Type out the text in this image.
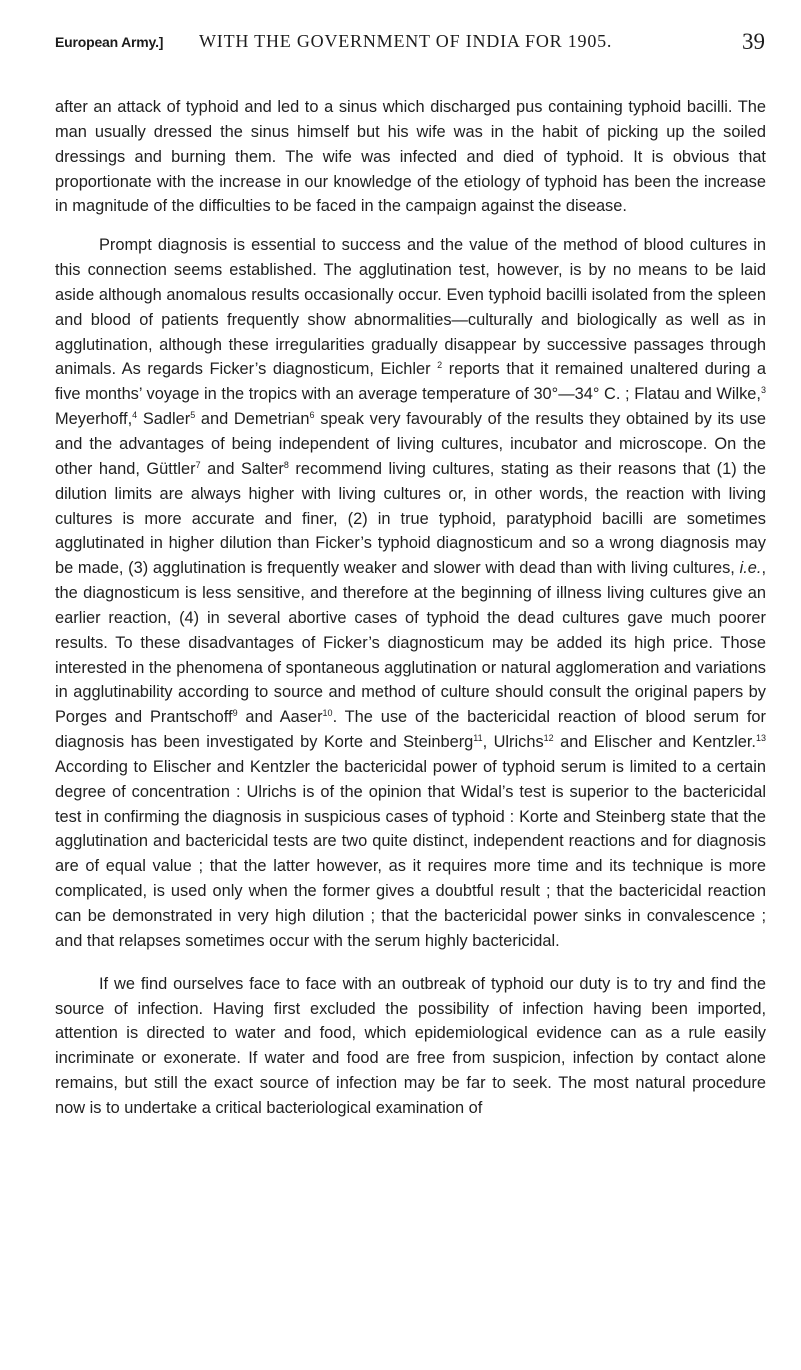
European Army.] WITH THE GOVERNMENT OF INDIA FOR 1905.	39

after an attack of typhoid and led to a sinus which discharged pus containing typhoid bacilli. The man usually dressed the sinus himself but his wife was in the habit of picking up the soiled dressings and burning them. The wife was infected and died of typhoid. It is obvious that proportionate with the increase in our knowledge of the etiology of typhoid has been the increase in magnitude of the difficulties to be faced in the campaign against the disease.

Prompt diagnosis is essential to success and the value of the method of blood cultures in this connection seems established. The agglutination test, however, is by no means to be laid aside although anomalous results occasionally occur. Even typhoid bacilli isolated from the spleen and blood of patients frequently show abnormalities—culturally and biologically as well as in agglutination, although these irregularities gradually disappear by successive passages through animals. As regards Ficker’s diagnosticum, Eichler $^2$ reports that it remained unaltered during a five months’ voyage in the tropics with an average temperature of 30°—34° C. ; Flatau and Wilke,$^3$ Meyerhoff,$^4$ Sadler$^5$ and Demetrian$^6$ speak very favourably of the results they obtained by its use and the advantages of being independent of living cultures, incubator and microscope. On the other hand, Güttler$^7$ and Salter$^8$ recommend living cultures, stating as their reasons that (1) the dilution limits are always higher with living cultures or, in other words, the reaction with living cultures is more accurate and finer, (2) in true typhoid, paratyphoid bacilli are sometimes agglutinated in higher dilution than Ficker’s typhoid diagnosticum and so a wrong diagnosis may be made, (3) agglutination is frequently weaker and slower with dead than with living cultures, i.e., the diagnosticum is less sensitive, and therefore at the beginning of illness living cultures give an earlier reaction, (4) in several abortive cases of typhoid the dead cultures gave much poorer results. To these disadvantages of Ficker’s diagnosticum may be added its high price. Those interested in the phenomena of spontaneous agglutination or natural agglomeration and variations in agglutinability according to source and method of culture should consult the original papers by Porges and Prantschoff$^9$ and Aaser$^{10}$. The use of the bactericidal reaction of blood serum for diagnosis has been investigated by Korte and Steinberg$^{11}$, Ulrichs$^{12}$ and Elischer and Kentzler.$^{13}$ According to Elischer and Kentzler the bactericidal power of typhoid serum is limited to a certain degree of concentration : Ulrichs is of the opinion that Widal’s test is superior to the bactericidal test in confirming the diagnosis in suspicious cases of typhoid : Korte and Steinberg state that the agglutination and bactericidal tests are two quite distinct, independent reactions and for diagnosis are of equal value ; that the latter however, as it requires more time and its technique is more complicated, is used only when the former gives a doubtful result ; that the bactericidal reaction can be demonstrated in very high dilution ; that the bactericidal power sinks in convalescence ; and that relapses sometimes occur with the serum highly bactericidal.

If we find ourselves face to face with an outbreak of typhoid our duty is to try and find the source of infection. Having first excluded the possibility of infection having been imported, attention is directed to water and food, which epidemiological evidence can as a rule easily incriminate or exonerate. If water and food are free from suspicion, infection by contact alone remains, but still the exact source of infection may be far to seek. The most natural procedure now is to undertake a critical bacteriological examination of
